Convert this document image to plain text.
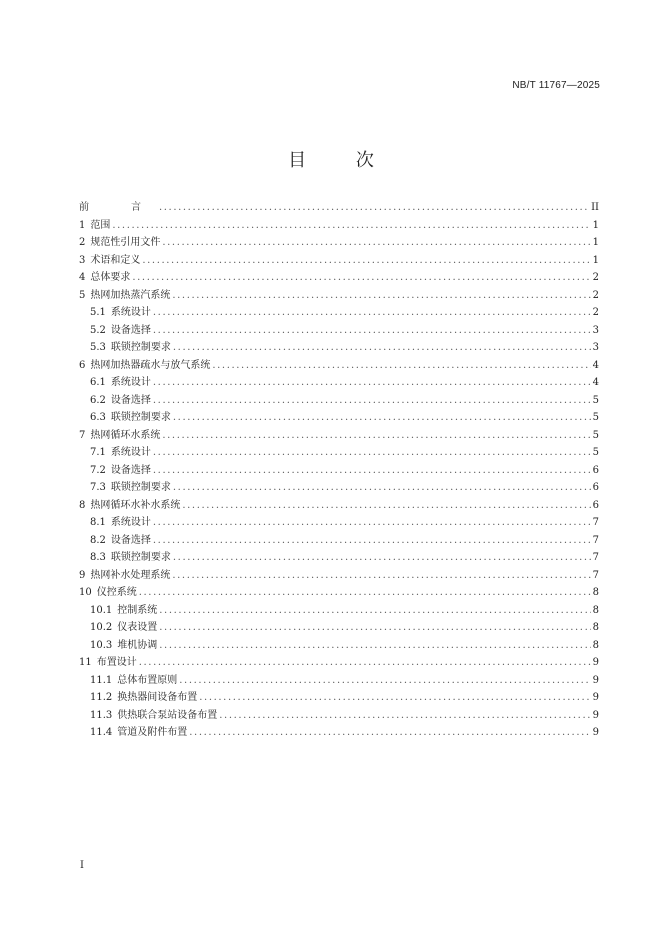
NB/T 11767—2025
目	次
前　言 .....	II
1 范围 .....	1
2 规范性引用文件 .....	1
3 术语和定义 .....	1
4 总体要求 .....	2
5 热网加热蒸汽系统 .....	2
5.1 系统设计 .....	2
5.2 设备选择 .....	3
5.3 联锁控制要求 .....	3
6 热网加热器疏水与放气系统 .....	4
6.1 系统设计 .....	4
6.2 设备选择 .....	5
6.3 联锁控制要求 .....	5
7 热网循环水系统 .....	5
7.1 系统设计 .....	5
7.2 设备选择 .....	6
7.3 联锁控制要求 .....	6
8 热网循环水补水系统 .....	6
8.1 系统设计 .....	7
8.2 设备选择 .....	7
8.3 联锁控制要求 .....	7
9 热网补水处理系统 .....	7
10 仪控系统 .....	8
10.1 控制系统 .....	8
10.2 仪表设置 .....	8
10.3 堆机协调 .....	8
11 布置设计 .....	9
11.1 总体布置原则 .....	9
11.2 换热器间设备布置 .....	9
11.3 供热联合泵站设备布置 .....	9
11.4 管道及附件布置 .....	9
I
